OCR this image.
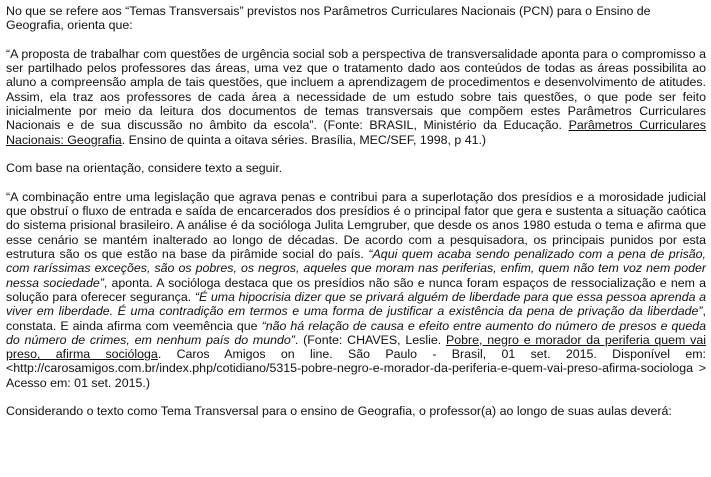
No que se refere aos “Temas Transversais” previstos nos Parâmetros Curriculares Nacionais (PCN) para o Ensino de Geografia, orienta que:

“A proposta de trabalhar com questões de urgência social sob a perspectiva de transversalidade aponta para o compromisso a ser partilhado pelos professores das áreas, uma vez que o tratamento dado aos conteúdos de todas as áreas possibilita ao aluno a compreensão ampla de tais questões, que incluem a aprendizagem de procedimentos e desenvolvimento de atitudes. Assim, ela traz aos professores de cada área a necessidade de um estudo sobre tais questões, o que pode ser feito inicialmente por meio da leitura dos documentos de temas transversais que compõem estes Parâmetros Curriculares Nacionais e de sua discussão no âmbito da escola”. (Fonte: BRASIL, Ministério da Educação. Parâmetros Curriculares Nacionais: Geografia. Ensino de quinta a oitava séries. Brasília, MEC/SEF, 1998, p 41.)

Com base na orientação, considere texto a seguir.

“A combinação entre uma legislação que agrava penas e contribui para a superlotação dos presídios e a morosidade judicial que obstruí o fluxo de entrada e saída de encarcerados dos presídios é o principal fator que gera e sustenta a situação caótica do sistema prisional brasileiro. A análise é da socióloga Julita Lemgruber, que desde os anos 1980 estuda o tema e afirma que esse cenário se mantém inalterado ao longo de décadas. De acordo com a pesquisadora, os principais punidos por esta estrutura são os que estão na base da pirâmide social do país. “Aqui quem acaba sendo penalizado com a pena de prisão, com raríssimas exceções, são os pobres, os negros, aqueles que moram nas periferias, enfim, quem não tem voz nem poder nessa sociedade”, aponta. A socióloga destaca que os presídios não são e nunca foram espaços de ressocialização e nem a solução para oferecer segurança. “É uma hipocrisia dizer que se privará alguém de liberdade para que essa pessoa aprenda a viver em liberdade. É uma contradição em termos e uma forma de justificar a existência da pena de privação da liberdade”, constata. E ainda afirma com veemência que “não há relação de causa e efeito entre aumento do número de presos e queda do número de crimes, em nenhum país do mundo”. (Fonte: CHAVES, Leslie. Pobre, negro e morador da periferia quem vai preso, afirma socióloga. Caros Amigos on line. São Paulo - Brasil, 01 set. 2015. Disponível em: <http://carosamigos.com.br/index.php/cotidiano/5315-pobre-negro-e-morador-da-periferia-e-quem-vai-preso-afirma-sociologa > Acesso em: 01 set. 2015.)

Considerando o texto como Tema Transversal para o ensino de Geografia, o professor(a) ao longo de suas aulas deverá:
